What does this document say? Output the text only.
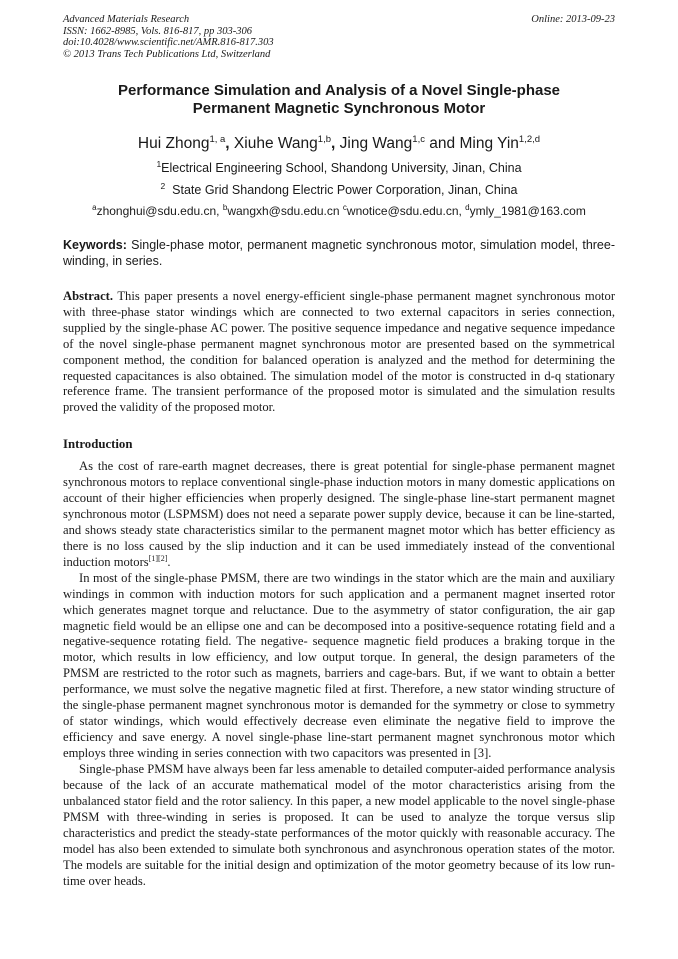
Advanced Materials Research
ISSN: 1662-8985, Vols. 816-817, pp 303-306
doi:10.4028/www.scientific.net/AMR.816-817.303
© 2013 Trans Tech Publications Ltd, Switzerland
Online: 2013-09-23
Performance Simulation and Analysis of a Novel Single-phase
Permanent Magnetic Synchronous Motor
Hui Zhong$^{1, a}$, Xiuhe Wang$^{1,b}$, Jing Wang$^{1,c}$ and Ming Yin$^{1,2,d}$
$^1$Electrical Engineering School, Shandong University, Jinan, China
$^2$ State Grid Shandong Electric Power Corporation, Jinan, China
$^a$zhonghui@sdu.edu.cn, $^b$wangxh@sdu.edu.cn $^c$wnotice@sdu.edu.cn, $^d$ymly_1981@163.com
Keywords: Single-phase motor, permanent magnetic synchronous motor, simulation model, three-winding, in series.
Abstract. This paper presents a novel energy-efficient single-phase permanent magnet synchronous motor with three-phase stator windings which are connected to two external capacitors in series connection, supplied by the single-phase AC power. The positive sequence impedance and negative sequence impedance of the novel single-phase permanent magnet synchronous motor are presented based on the symmetrical component method, the condition for balanced operation is analyzed and the method for determining the requested capacitances is also obtained. The simulation model of the motor is constructed in d-q stationary reference frame. The transient performance of the proposed motor is simulated and the simulation results proved the validity of the proposed motor.
Introduction

As the cost of rare-earth magnet decreases, there is great potential for single-phase permanent magnet synchronous motors to replace conventional single-phase induction motors in many domestic applications on account of their higher efficiencies when properly designed. The single-phase line-start permanent magnet synchronous motor (LSPMSM) does not need a separate power supply device, because it can be line-started, and shows steady state characteristics similar to the permanent magnet motor which has better efficiency as there is no loss caused by the slip induction and it can be used immediately instead of the conventional induction motors[1][2].

In most of the single-phase PMSM, there are two windings in the stator which are the main and auxiliary windings in common with induction motors for such application and a permanent magnet inserted rotor which generates magnet torque and reluctance. Due to the asymmetry of stator configuration, the air gap magnetic field would be an ellipse one and can be decomposed into a positive-sequence rotating field and a negative-sequence rotating field. The negative- sequence magnetic field produces a braking torque in the motor, which results in low efficiency, and low output torque. In general, the design parameters of the PMSM are restricted to the rotor such as magnets, barriers and cage-bars. But, if we want to obtain a better performance, we must solve the negative magnetic filed at first. Therefore, a new stator winding structure of the single-phase permanent magnet synchronous motor is demanded for the symmetry or close to symmetry of stator windings, which would effectively decrease even eliminate the negative field to improve the efficiency and save energy. A novel single-phase line-start permanent magnet synchronous motor which employs three winding in series connection with two capacitors was presented in [3].

Single-phase PMSM have always been far less amenable to detailed computer-aided performance analysis because of the lack of an accurate mathematical model of the motor characteristics arising from the unbalanced stator field and the rotor saliency. In this paper, a new model applicable to the novel single-phase PMSM with three-winding in series is proposed. It can be used to analyze the torque versus slip characteristics and predict the steady-state performances of the motor quickly with reasonable accuracy. The model has also been extended to simulate both synchronous and asynchronous operation states of the motor. The models are suitable for the initial design and optimization of the motor geometry because of its low run-time over heads.
